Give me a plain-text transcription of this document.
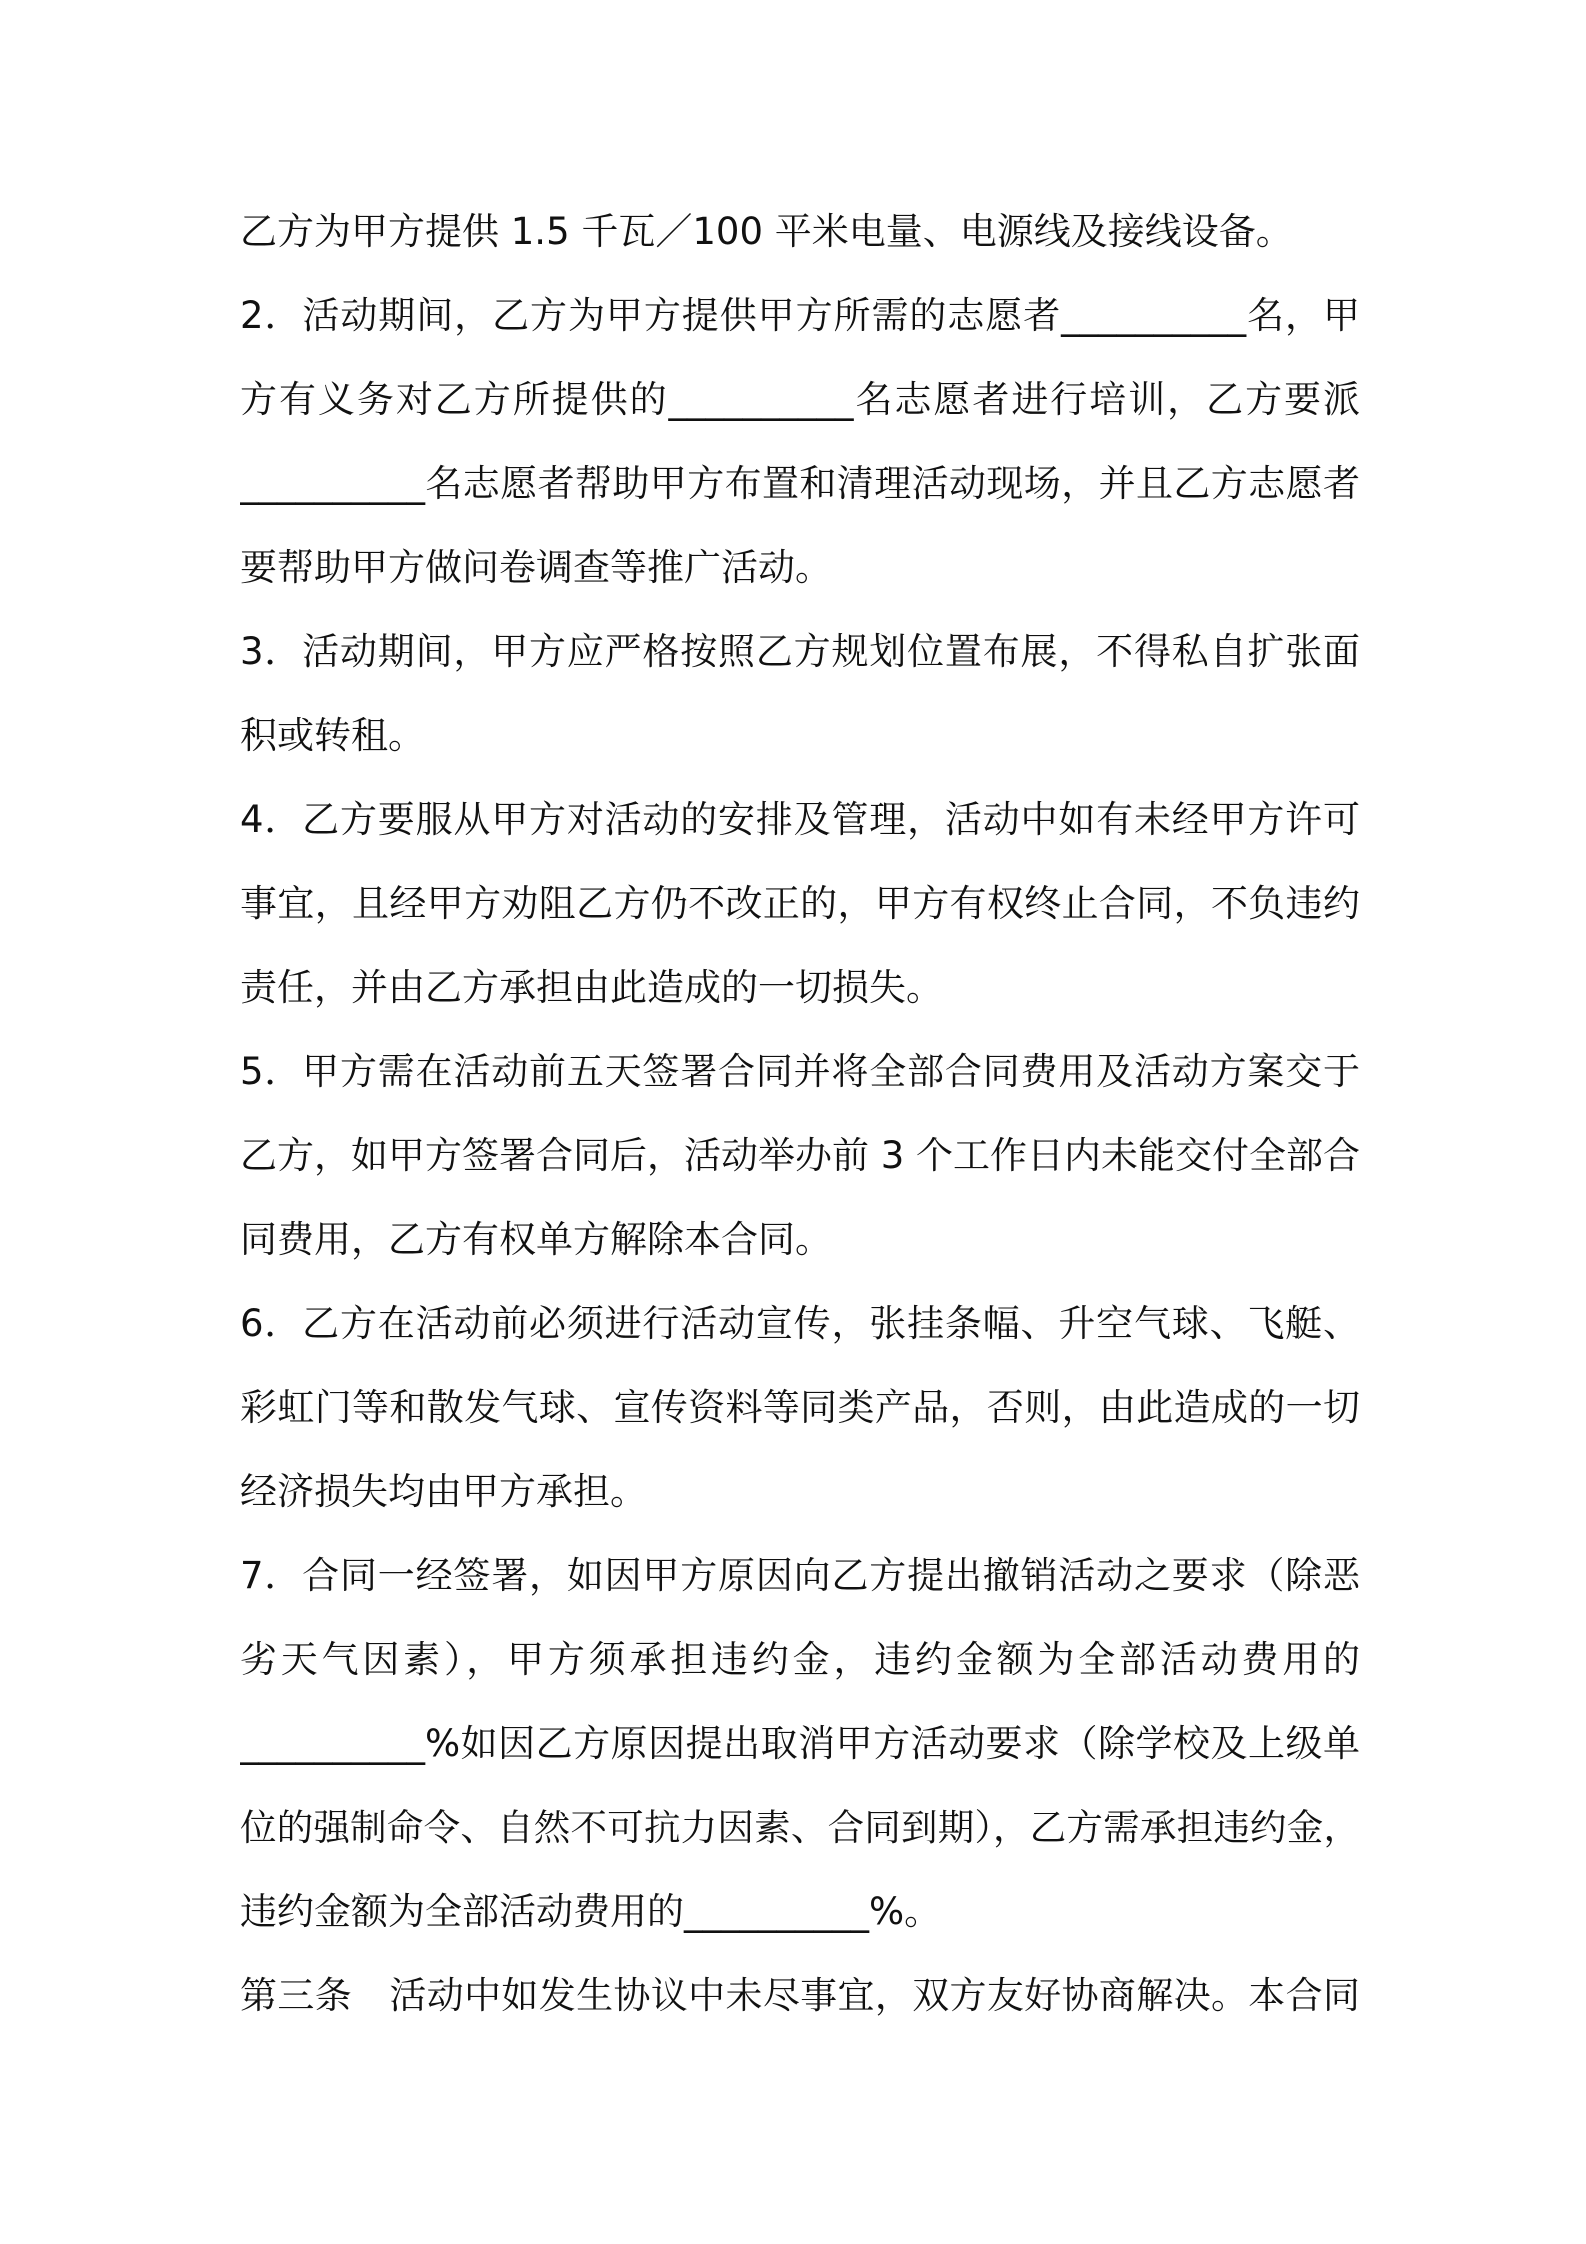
乙方为甲方提供 1.5 千瓦／100 平米电量、电源线及接线设备。
2．活动期间，乙方为甲方提供甲方所需的志愿者__________名，甲
方有义务对乙方所提供的__________名志愿者进行培训，乙方要派
__________名志愿者帮助甲方布置和清理活动现场，并且乙方志愿者
要帮助甲方做问卷调查等推广活动。
3．活动期间，甲方应严格按照乙方规划位置布展，不得私自扩张面
积或转租。
4．乙方要服从甲方对活动的安排及管理，活动中如有未经甲方许可
事宜，且经甲方劝阻乙方仍不改正的，甲方有权终止合同，不负违约
责任，并由乙方承担由此造成的一切损失。
5．甲方需在活动前五天签署合同并将全部合同费用及活动方案交于
乙方，如甲方签署合同后，活动举办前 3 个工作日内未能交付全部合
同费用，乙方有权单方解除本合同。
6．乙方在活动前必须进行活动宣传，张挂条幅、升空气球、飞艇、
彩虹门等和散发气球、宣传资料等同类产品，否则，由此造成的一切
经济损失均由甲方承担。
7．合同一经签署，如因甲方原因向乙方提出撤销活动之要求（除恶
劣天气因素），甲方须承担违约金，违约金额为全部活动费用的
__________%如因乙方原因提出取消甲方活动要求（除学校及上级单
位的强制命令、自然不可抗力因素、合同到期），乙方需承担违约金，
违约金额为全部活动费用的__________%。
第三条　活动中如发生协议中未尽事宜，双方友好协商解决。本合同
